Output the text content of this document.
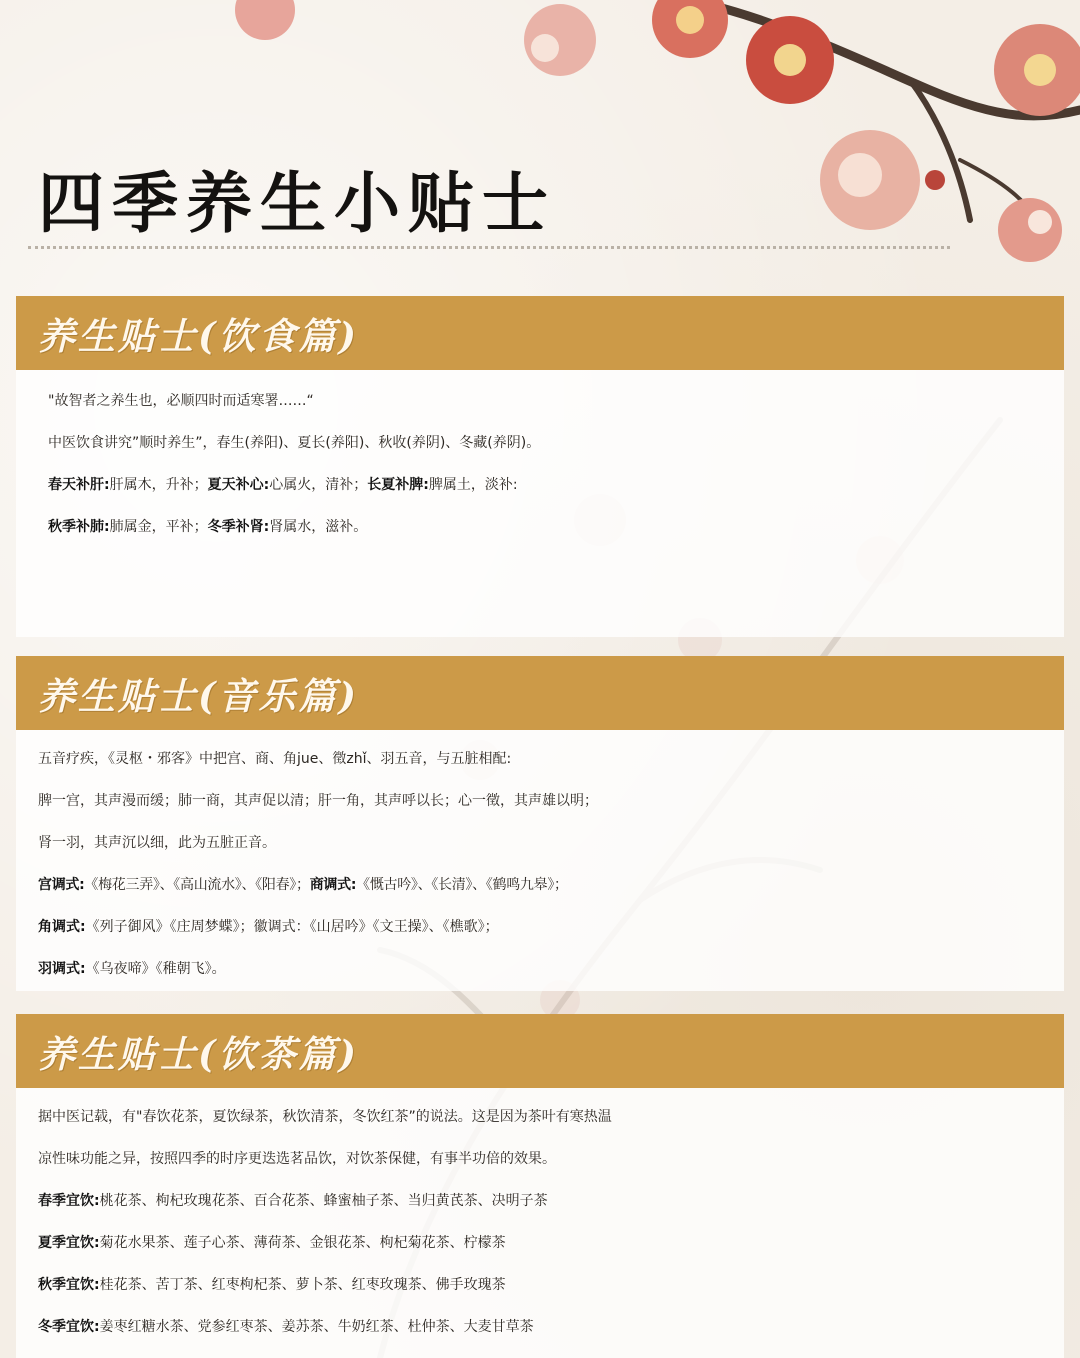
四季养生小贴士
养生贴士(饮食篇)
"故智者之养生也，必顺四时而适寒署……“
中医饮食讲究”顺时养生”，春生(养阳)、夏长(养阳)、秋收(养阴)、冬藏(养阴)。
春天补肝:肝属木，升补；夏天补心:心属火，清补；长夏补脾:脾属土，淡补:
秋季补肺:肺属金，平补；冬季补肾:肾属水，滋补。
养生贴士(音乐篇)
五音疗疾，《灵枢・邪客》中把宫、商、角jue、徵zhǐ、羽五音，与五脏相配:
脾一宫，其声漫而缓；肺一商，其声促以清；肝一角，其声呼以长；心一徵，其声雄以明；
肾一羽，其声沉以细，此为五脏正音。
宫调式:《梅花三弄》、《高山流水》、《阳春》；商调式:《慨古吟》、《长清》、《鹤鸣九皋》；
角调式:《列子御风》《庄周梦蝶》；徽调式：《山居吟》《文王操》、《樵歌》；
羽调式:《乌夜啼》《稚朝飞》。
养生贴士(饮茶篇)
据中医记载，有"春饮花茶，夏饮绿茶，秋饮清茶，冬饮红茶”的说法。这是因为茶叶有寒热温
凉性味功能之异，按照四季的时序更迭选茗品饮，对饮茶保健，有事半功倍的效果。
春季宜饮:桃花茶、枸杞玫瑰花茶、百合花茶、蜂蜜柚子茶、当归黄芪茶、决明子茶
夏季宜饮:菊花水果茶、莲子心茶、薄荷茶、金银花茶、枸杞菊花茶、柠檬茶
秋季宜饮:桂花茶、苦丁茶、红枣枸杞茶、萝卜茶、红枣玫瑰茶、佛手玫瑰茶
冬季宜饮:姜枣红糖水茶、党参红枣茶、姜苏茶、牛奶红茶、杜仲茶、大麦甘草茶
